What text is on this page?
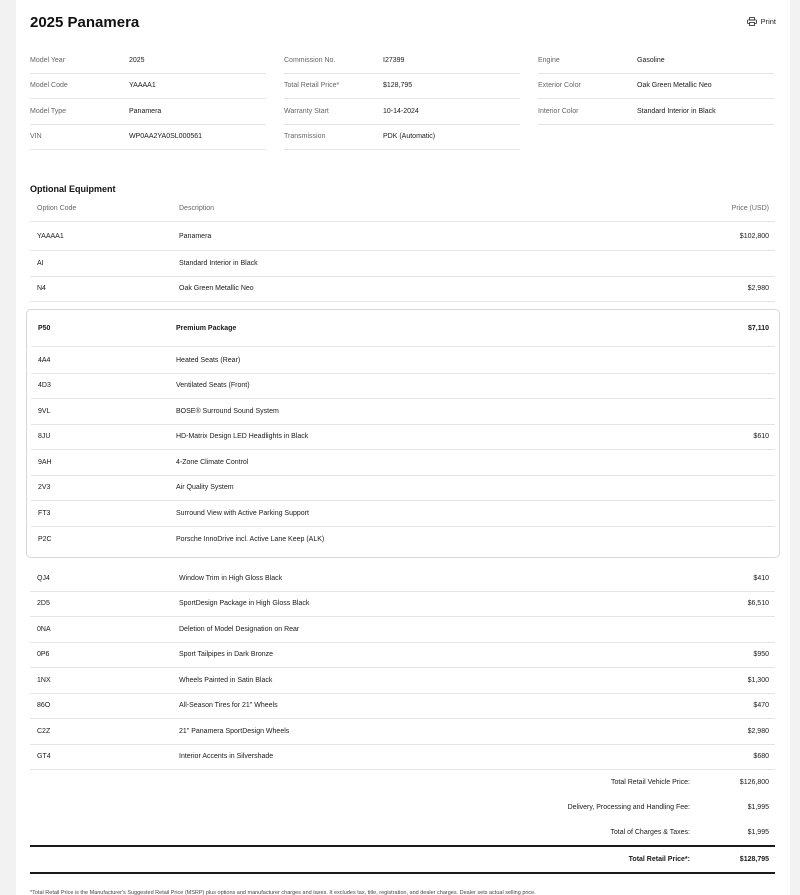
2025 Panamera	Print
Model Year	2025
Model Code	YAAAA1
Model Type	Panamera
VIN	WP0AA2YA0SL000561
Commission No.	I27399
Total Retail Price*	$128,795
Warranty Start	10-14-2024
Transmission	PDK (Automatic)
Engine	Gasoline
Exterior Color	Oak Green Metallic Neo
Interior Color	Standard Interior in Black
Optional Equipment
Option Code	Description	Price (USD)
YAAAA1	Panamera	$102,800
AI	Standard Interior in Black
N4	Oak Green Metallic Neo	$2,980
P50	Premium Package	$7,110
4A4	Heated Seats (Rear)
4D3	Ventilated Seats (Front)
9VL	BOSE® Surround Sound System
8JU	HD-Matrix Design LED Headlights in Black	$610
9AH	4-Zone Climate Control
2V3	Air Quality System
FT3	Surround View with Active Parking Support
P2C	Porsche InnoDrive incl. Active Lane Keep (ALK)
QJ4	Window Trim in High Gloss Black	$410
2D5	SportDesign Package in High Gloss Black	$6,510
0NA	Deletion of Model Designation on Rear
0P6	Sport Tailpipes in Dark Bronze	$950
1NX	Wheels Painted in Satin Black	$1,300
86O	All-Season Tires for 21" Wheels	$470
C2Z	21" Panamera SportDesign Wheels	$2,980
GT4	Interior Accents in Silvershade	$680
Total Retail Vehicle Price:	$126,800
Delivery, Processing and Handling Fee:	$1,995
Total of Charges & Taxes:	$1,995
Total Retail Price*:	$128,795
*Total Retail Price is the Manufacturer's Suggested Retail Price (MSRP) plus options and manufacturer charges and taxes. It excludes tax, title, registration, and dealer charges. Dealer sets actual selling price.
